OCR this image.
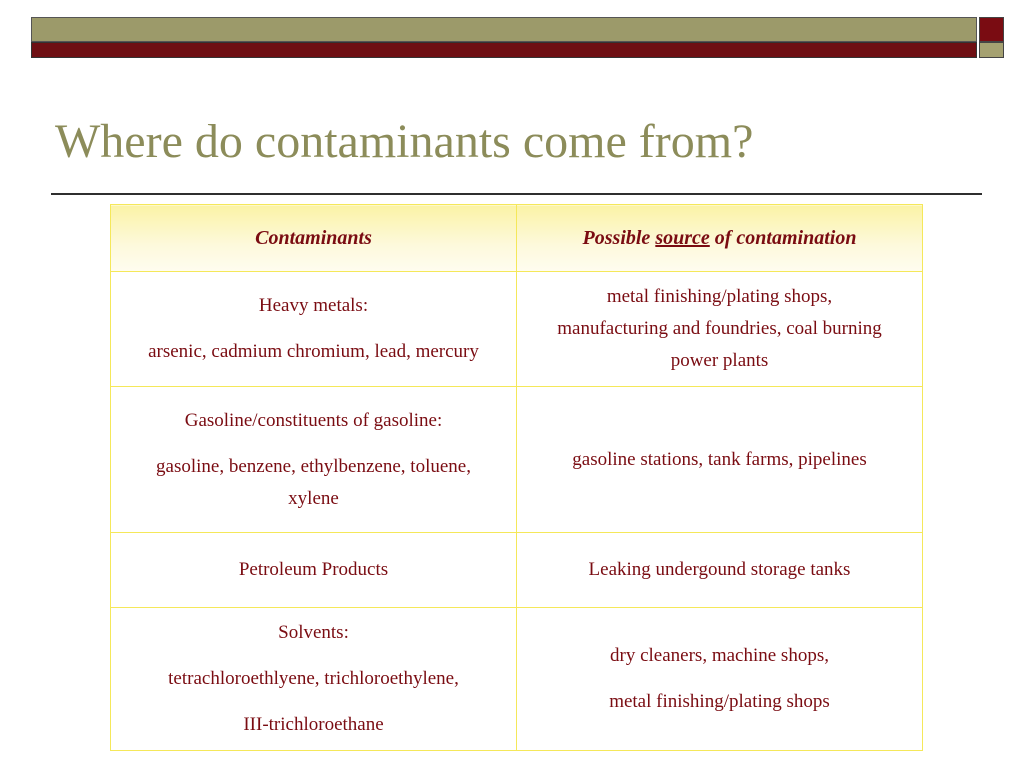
Where do contaminants come from?
Contaminants	Possible source of contamination

Heavy metals:
arsenic, cadmium chromium, lead, mercury	metal finishing/plating shops,
manufacturing and foundries, coal burning
power plants

Gasoline/constituents of gasoline:
gasoline, benzene, ethylbenzene, toluene,
xylene	gasoline stations, tank farms, pipelines
Petroleum Products	Leaking undergound storage tanks

Solvents:
tetrachloroethlyene, trichloroethylene,
III-trichloroethane	dry cleaners, machine shops,
metal finishing/plating shops
